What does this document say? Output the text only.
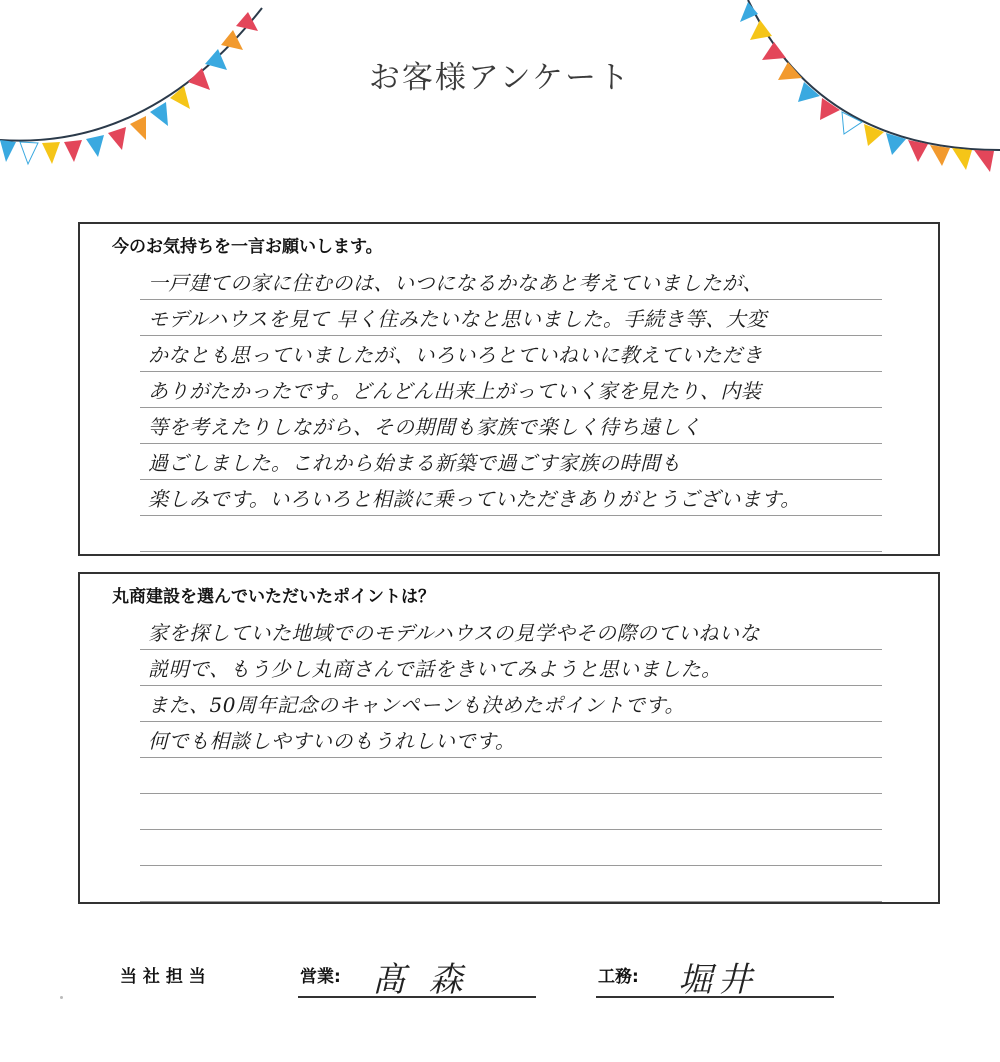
お客様アンケート
今のお気持ちを一言お願いします。
一戸建ての家に住むのは、いつになるかなあと考えていましたが、
モデルハウスを見て 早く住みたいなと思いました。手続き等、大変
かなとも思っていましたが、いろいろとていねいに教えていただき
ありがたかったです。どんどん出来上がっていく家を見たり、内装
等を考えたりしながら、その期間も家族で楽しく待ち遠しく
過ごしました。これから始まる新築で過ごす家族の時間も
楽しみです。いろいろと相談に乗っていただきありがとうございます。
丸商建設を選んでいただいたポイントは？
家を探していた地域でのモデルハウスの見学やその際のていねいな
説明で、もう少し丸商さんで話をきいてみようと思いました。
また、50周年記念のキャンペーンも決めたポイントです。
何でも相談しやすいのもうれしいです。
当 社 担 当	営業: 髙 森	工務: 堀井
